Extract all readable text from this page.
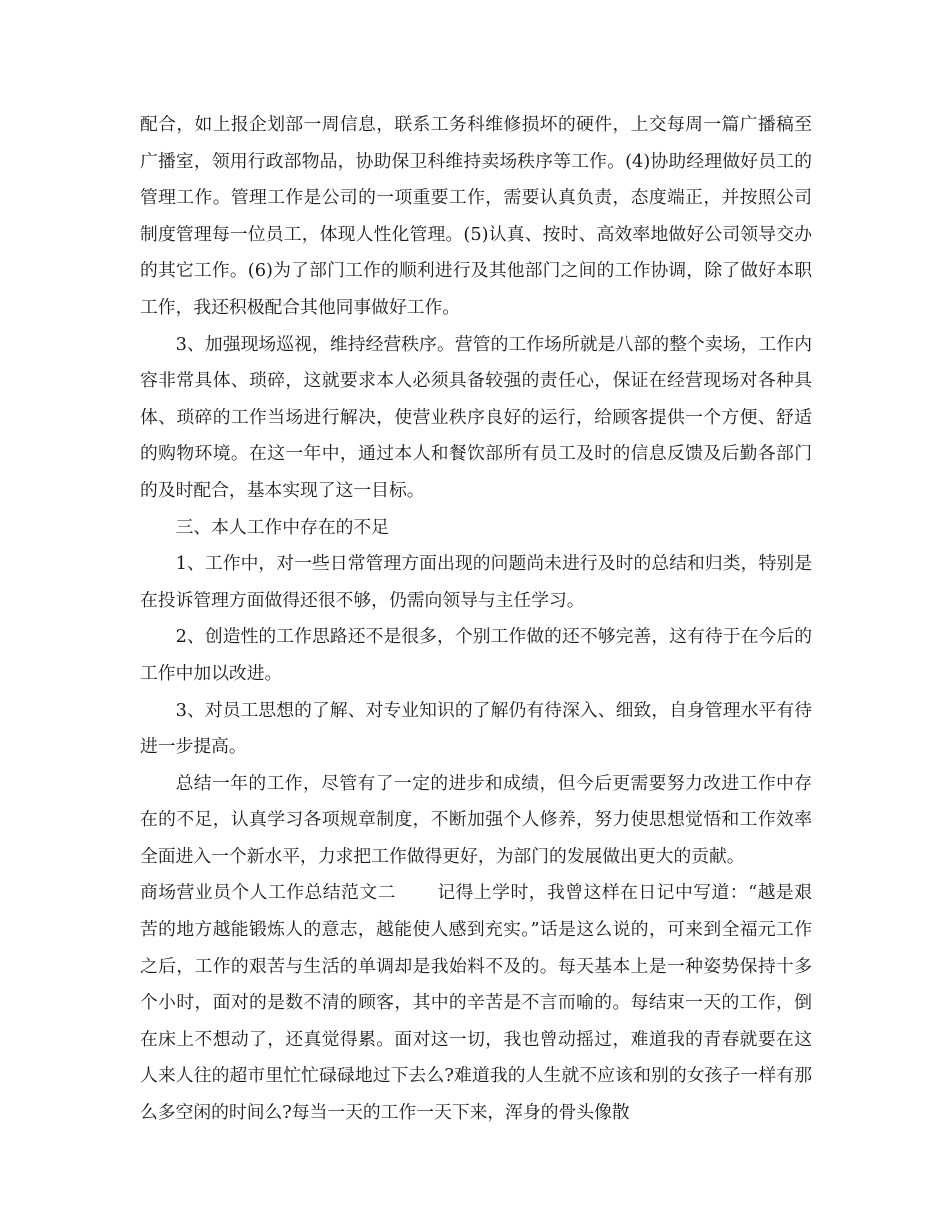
配合，如上报企划部一周信息，联系工务科维修损坏的硬件，上交每周一篇广播稿至广播室，领用行政部物品，协助保卫科维持卖场秩序等工作。(4)协助经理做好员工的管理工作。管理工作是公司的一项重要工作，需要认真负责，态度端正，并按照公司制度管理每一位员工，体现人性化管理。(5)认真、按时、高效率地做好公司领导交办的其它工作。(6)为了部门工作的顺利进行及其他部门之间的工作协调，除了做好本职工作，我还积极配合其他同事做好工作。

3、加强现场巡视，维持经营秩序。营管的工作场所就是八部的整个卖场，工作内容非常具体、琐碎，这就要求本人必须具备较强的责任心，保证在经营现场对各种具体、琐碎的工作当场进行解决，使营业秩序良好的运行，给顾客提供一个方便、舒适的购物环境。在这一年中，通过本人和餐饮部所有员工及时的信息反馈及后勤各部门的及时配合，基本实现了这一目标。

三、本人工作中存在的不足

1、工作中，对一些日常管理方面出现的问题尚未进行及时的总结和归类，特别是在投诉管理方面做得还很不够，仍需向领导与主任学习。

2、创造性的工作思路还不是很多，个别工作做的还不够完善，这有待于在今后的工作中加以改进。

3、对员工思想的了解、对专业知识的了解仍有待深入、细致，自身管理水平有待进一步提高。

总结一年的工作，尽管有了一定的进步和成绩，但今后更需要努力改进工作中存在的不足，认真学习各项规章制度，不断加强个人修养，努力使思想觉悟和工作效率全面进入一个新水平，力求把工作做得更好，为部门的发展做出更大的贡献。

商场营业员个人工作总结范文二 记得上学时，我曾这样在日记中写道：“越是艰苦的地方越能锻炼人的意志，越能使人感到充实。”话是这么说的，可来到全福元工作之后，工作的艰苦与生活的单调却是我始料不及的。每天基本上是一种姿势保持十多个小时，面对的是数不清的顾客，其中的辛苦是不言而喻的。每结束一天的工作，倒在床上不想动了，还真觉得累。面对这一切，我也曾动摇过，难道我的青春就要在这人来人往的超市里忙忙碌碌地过下去么?难道我的人生就不应该和别的女孩子一样有那么多空闲的时间么?每当一天的工作一天下来，浑身的骨头像散
